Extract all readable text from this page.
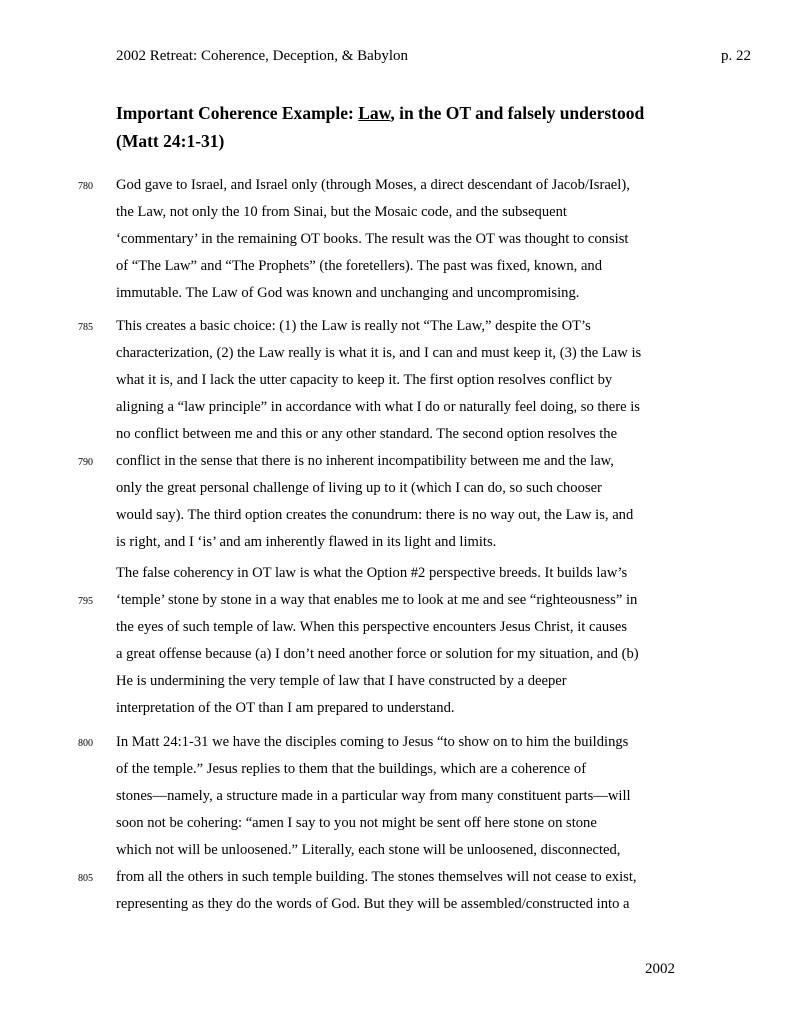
2002 Retreat: Coherence, Deception, & Babylon	p. 22
Important Coherence Example: Law, in the OT and falsely understood
(Matt 24:1-31)
780	God gave to Israel, and Israel only (through Moses, a direct descendant of Jacob/Israel),
the Law, not only the 10 from Sinai, but the Mosaic code, and the subsequent
‘commentary’ in the remaining OT books. The result was the OT was thought to consist
of “The Law” and “The Prophets” (the foretellers). The past was fixed, known, and
immutable. The Law of God was known and unchanging and uncompromising.
785	This creates a basic choice: (1) the Law is really not “The Law,” despite the OT’s
characterization, (2) the Law really is what it is, and I can and must keep it, (3) the Law is
what it is, and I lack the utter capacity to keep it. The first option resolves conflict by
aligning a “law principle” in accordance with what I do or naturally feel doing, so there is
no conflict between me and this or any other standard. The second option resolves the
790	conflict in the sense that there is no inherent incompatibility between me and the law,
only the great personal challenge of living up to it (which I can do, so such chooser
would say). The third option creates the conundrum: there is no way out, the Law is, and
is right, and I ‘is’ and am inherently flawed in its light and limits.
The false coherency in OT law is what the Option #2 perspective breeds. It builds law’s
795	‘temple’ stone by stone in a way that enables me to look at me and see “righteousness” in
the eyes of such temple of law. When this perspective encounters Jesus Christ, it causes
a great offense because (a) I don’t need another force or solution for my situation, and (b)
He is undermining the very temple of law that I have constructed by a deeper
interpretation of the OT than I am prepared to understand.
800	In Matt 24:1-31 we have the disciples coming to Jesus “to show on to him the buildings
of the temple.” Jesus replies to them that the buildings, which are a coherence of
stones—namely, a structure made in a particular way from many constituent parts—will
soon not be cohering: “amen I say to you not might be sent off here stone on stone
which not will be unloosened.” Literally, each stone will be unloosened, disconnected,
805	from all the others in such temple building. The stones themselves will not cease to exist,
representing as they do the words of God. But they will be assembled/constructed into a
2002
